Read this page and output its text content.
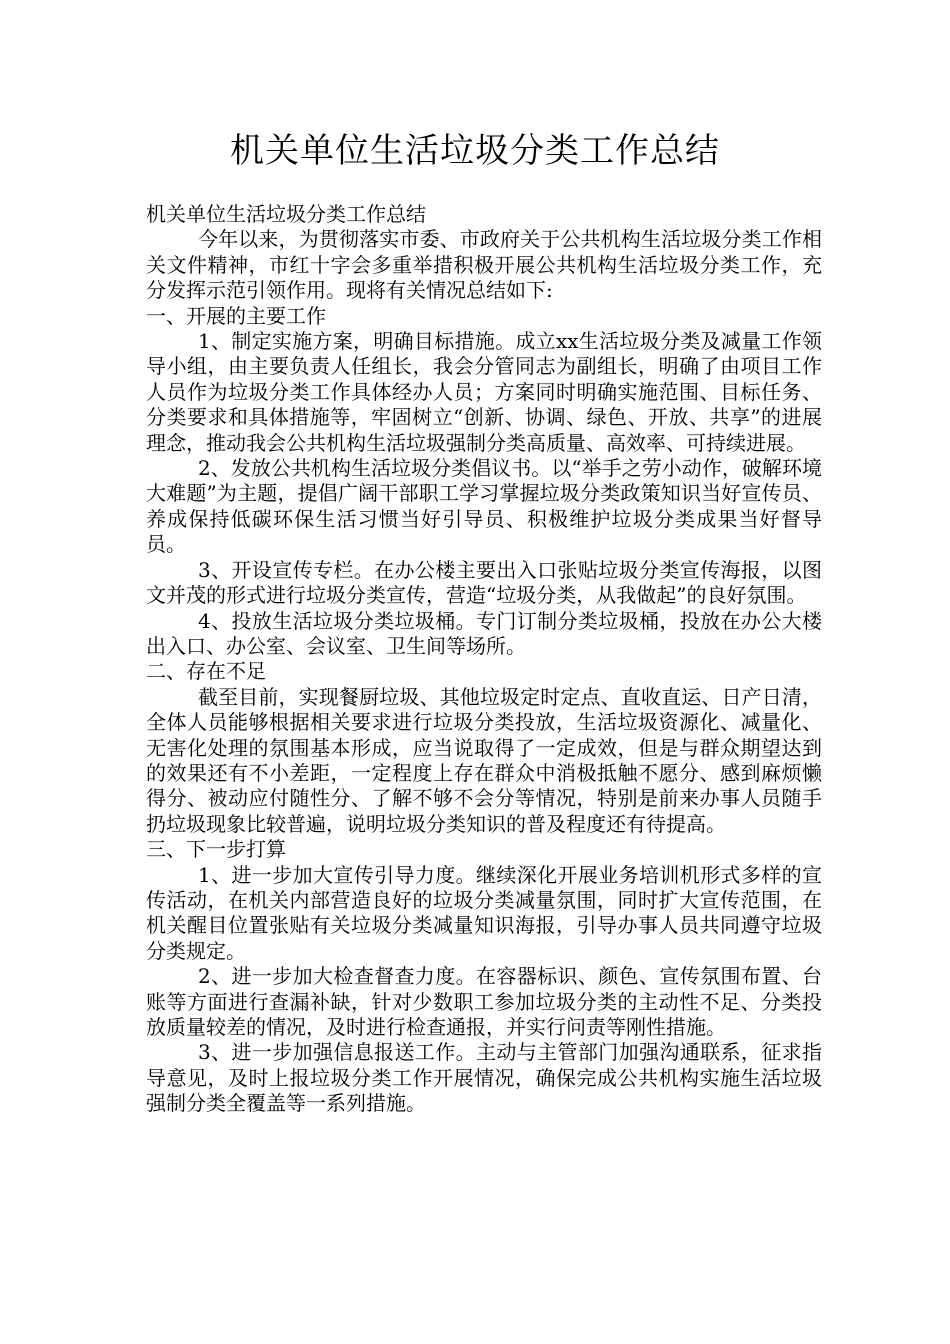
机关单位生活垃圾分类工作总结

机关单位生活垃圾分类工作总结

今年以来，为贯彻落实市委、市政府关于公共机构生活垃圾分类工作相关文件精神，市红十字会多重举措积极开展公共机构生活垃圾分类工作，充分发挥示范引领作用。现将有关情况总结如下:

一、开展的主要工作

1、制定实施方案，明确目标措施。成立xx生活垃圾分类及减量工作领导小组，由主要负责人任组长，我会分管同志为副组长，明确了由项目工作人员作为垃圾分类工作具体经办人员；方案同时明确实施范围、目标任务、分类要求和具体措施等，牢固树立“创新、协调、绿色、开放、共享”的进展理念，推动我会公共机构生活垃圾强制分类高质量、高效率、可持续进展。

2、发放公共机构生活垃圾分类倡议书。以“举手之劳小动作，破解环境大难题”为主题，提倡广阔干部职工学习掌握垃圾分类政策知识当好宣传员、养成保持低碳环保生活习惯当好引导员、积极维护垃圾分类成果当好督导员。

3、开设宣传专栏。在办公楼主要出入口张贴垃圾分类宣传海报，以图文并茂的形式进行垃圾分类宣传，营造“垃圾分类，从我做起”的良好氛围。

4、投放生活垃圾分类垃圾桶。专门订制分类垃圾桶，投放在办公大楼出入口、办公室、会议室、卫生间等场所。

二、存在不足

截至目前，实现餐厨垃圾、其他垃圾定时定点、直收直运、日产日清，全体人员能够根据相关要求进行垃圾分类投放，生活垃圾资源化、减量化、无害化处理的氛围基本形成，应当说取得了一定成效，但是与群众期望达到的效果还有不小差距，一定程度上存在群众中消极抵触不愿分、感到麻烦懒得分、被动应付随性分、了解不够不会分等情况，特别是前来办事人员随手扔垃圾现象比较普遍，说明垃圾分类知识的普及程度还有待提高。

三、下一步打算

1、进一步加大宣传引导力度。继续深化开展业务培训机形式多样的宣传活动，在机关内部营造良好的垃圾分类减量氛围，同时扩大宣传范围，在机关醒目位置张贴有关垃圾分类减量知识海报，引导办事人员共同遵守垃圾分类规定。

2、进一步加大检查督查力度。在容器标识、颜色、宣传氛围布置、台账等方面进行查漏补缺，针对少数职工参加垃圾分类的主动性不足、分类投放质量较差的情况，及时进行检查通报，并实行问责等刚性措施。

3、进一步加强信息报送工作。主动与主管部门加强沟通联系，征求指导意见，及时上报垃圾分类工作开展情况，确保完成公共机构实施生活垃圾强制分类全覆盖等一系列措施。
